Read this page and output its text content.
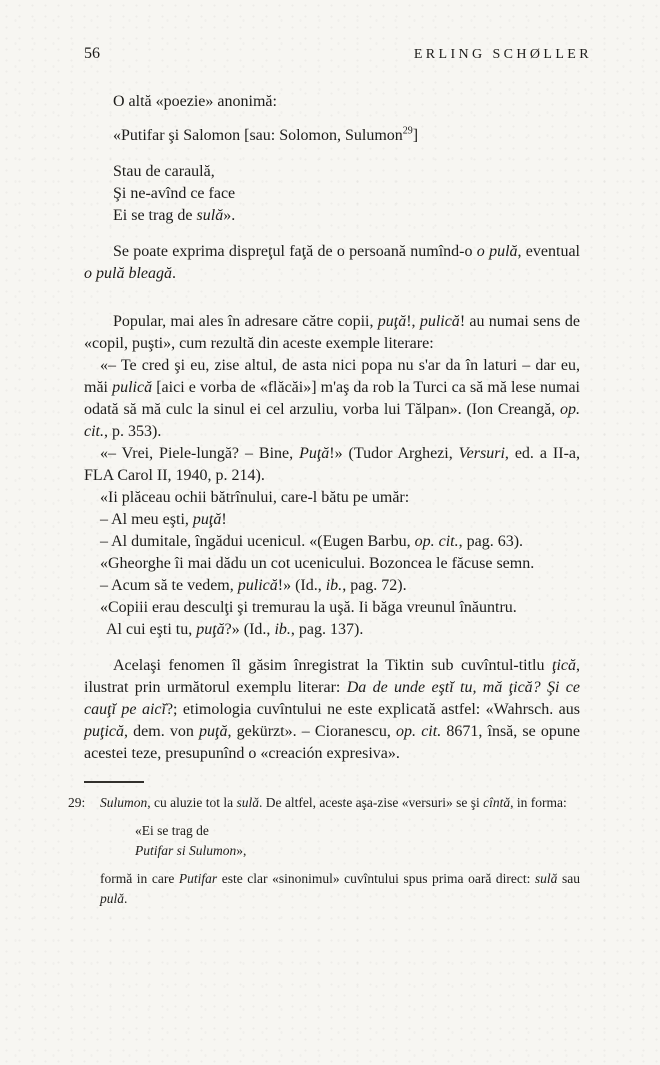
56	ERLING SCHØLLER
O altă «poezie» anonimă:
«Putifar şi Salomon [sau: Solomon, Sulumon$^{29}$]
Stau de caraulă,
Şi ne-avînd ce face
Ei se trag de sulă».
Se poate exprima dispreţul faţă de o persoană numînd-o o pulă, eventual o pulă bleagă.
Popular, mai ales în adresare către copii, puţă!, pulică! au numai sens de «copil, puşti», cum rezultă din aceste exemple literare:
«– Te cred şi eu, zise altul, de asta nici popa nu s'ar da în laturi – dar eu, măi pulică [aici e vorba de «flăcăi»] m'aş da rob la Turci ca să mă lese numai odată să mă culc la sinul ei cel arzuliu, vorba lui Tălpan». (Ion Creangă, op. cit., p. 353).
«– Vrei, Piele-lungă? – Bine, Puţă!» (Tudor Arghezi, Versuri, ed. a II-a, FLA Carol II, 1940, p. 214).
«Ii plăceau ochii bătrînului, care-l bătu pe umăr:
– Al meu eşti, puţă!
– Al dumitale, îngădui ucenicul. «(Eugen Barbu, op. cit., pag. 63).
«Gheorghe îi mai dădu un cot ucenicului. Bozoncea le făcuse semn.
– Acum să te vedem, pulică!» (Id., ib., pag. 72).
«Copiii erau desculţi şi tremurau la uşă. Ii băga vreunul înăuntru.
Al cui eşti tu, puţă?» (Id., ib., pag. 137).
Acelaşi fenomen îl găsim înregistrat la Tiktin sub cuvîntul-titlu ţică, ilustrat prin următorul exemplu literar: Da de unde eştĭ tu, mă ţică? Şi ce cauţĭ pe aicĭ?; etimologia cuvîntului ne este explicată astfel: «Wahrsch. aus puţică, dem. von puţă, gekürzt». – Cioranescu, op. cit. 8671, însă, se opune acestei teze, presupunînd o «creación expresiva».
29: Sulumon, cu aluzie tot la sulă. De altfel, aceste aşa-zise «versuri» se şi cîntă, in forma:
«Ei se trag de
Putifar si Sulumon»,
formă in care Putifar este clar «sinonimul» cuvîntului spus prima oară direct: sulă sau pulă.
